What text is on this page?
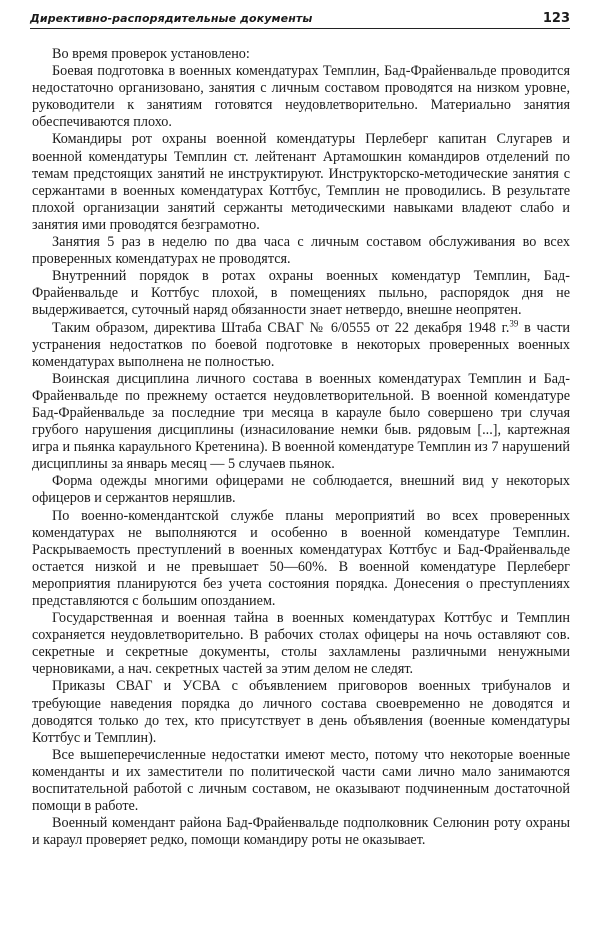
Директивно-распорядительные документы	123

Во время проверок установлено:

Боевая подготовка в военных комендатурах Темплин, Бад-Фрайенвальде проводится недостаточно организовано, занятия с личным составом проводятся на низком уровне, руководители к занятиям готовятся неудовлетворительно. Материально занятия обеспечиваются плохо.

Командиры рот охраны военной комендатуры Перлеберг капитан Слугарев и военной комендатуры Темплин ст. лейтенант Артамошкин командиров отделений по темам предстоящих занятий не инструктируют. Инструкторско-методические занятия с сержантами в военных комендатурах Коттбус, Темплин не проводились. В результате плохой организации занятий сержанты методическими навыками владеют слабо и занятия ими проводятся безграмотно.

Занятия 5 раз в неделю по два часа с личным составом обслуживания во всех проверенных комендатурах не проводятся.

Внутренний порядок в ротах охраны военных комендатур Темплин, Бад-Фрайенвальде и Коттбус плохой, в помещениях пыльно, распорядок дня не выдерживается, суточный наряд обязанности знает нетвердо, внешне неопрятен.

Таким образом, директива Штаба СВАГ № 6/0555 от 22 декабря 1948 г.$^{39}$ в части устранения недостатков по боевой подготовке в некоторых проверенных военных комендатурах выполнена не полностью.

Воинская дисциплина личного состава в военных комендатурах Темплин и Бад-Фрайенвальде по прежнему остается неудовлетворительной. В военной комендатуре Бад-Фрайенвальде за последние три месяца в карауле было совершено три случая грубого нарушения дисциплины (изнасилование немки быв. рядовым [...], картежная игра и пьянка караульного Кретенина). В военной комендатуре Темплин из 7 нарушений дисциплины за январь месяц — 5 случаев пьянок.

Форма одежды многими офицерами не соблюдается, внешний вид у некоторых офицеров и сержантов неряшлив.

По военно-комендантской службе планы мероприятий во всех проверенных комендатурах не выполняются и особенно в военной комендатуре Темплин. Раскрываемость преступлений в военных комендатурах Коттбус и Бад-Фрайенвальде остается низкой и не превышает 50—60%. В военной комендатуре Перлеберг мероприятия планируются без учета состояния порядка. Донесения о преступлениях представляются с большим опозданием.

Государственная и военная тайна в военных комендатурах Коттбус и Темплин сохраняется неудовлетворительно. В рабочих столах офицеры на ночь оставляют сов. секретные и секретные документы, столы захламлены различными ненужными черновиками, а нач. секретных частей за этим делом не следят.

Приказы СВАГ и УСВА с объявлением приговоров военных трибуналов и требующие наведения порядка до личного состава своевременно не доводятся и доводятся только до тех, кто присутствует в день объявления (военные комендатуры Коттбус и Темплин).

Все вышеперечисленные недостатки имеют место, потому что некоторые военные коменданты и их заместители по политической части сами лично мало занимаются воспитательной работой с личным составом, не оказывают подчиненным достаточной помощи в работе.

Военный комендант района Бад-Фрайенвальде подполковник Селюнин роту охраны и караул проверяет редко, помощи командиру роты не оказывает.
